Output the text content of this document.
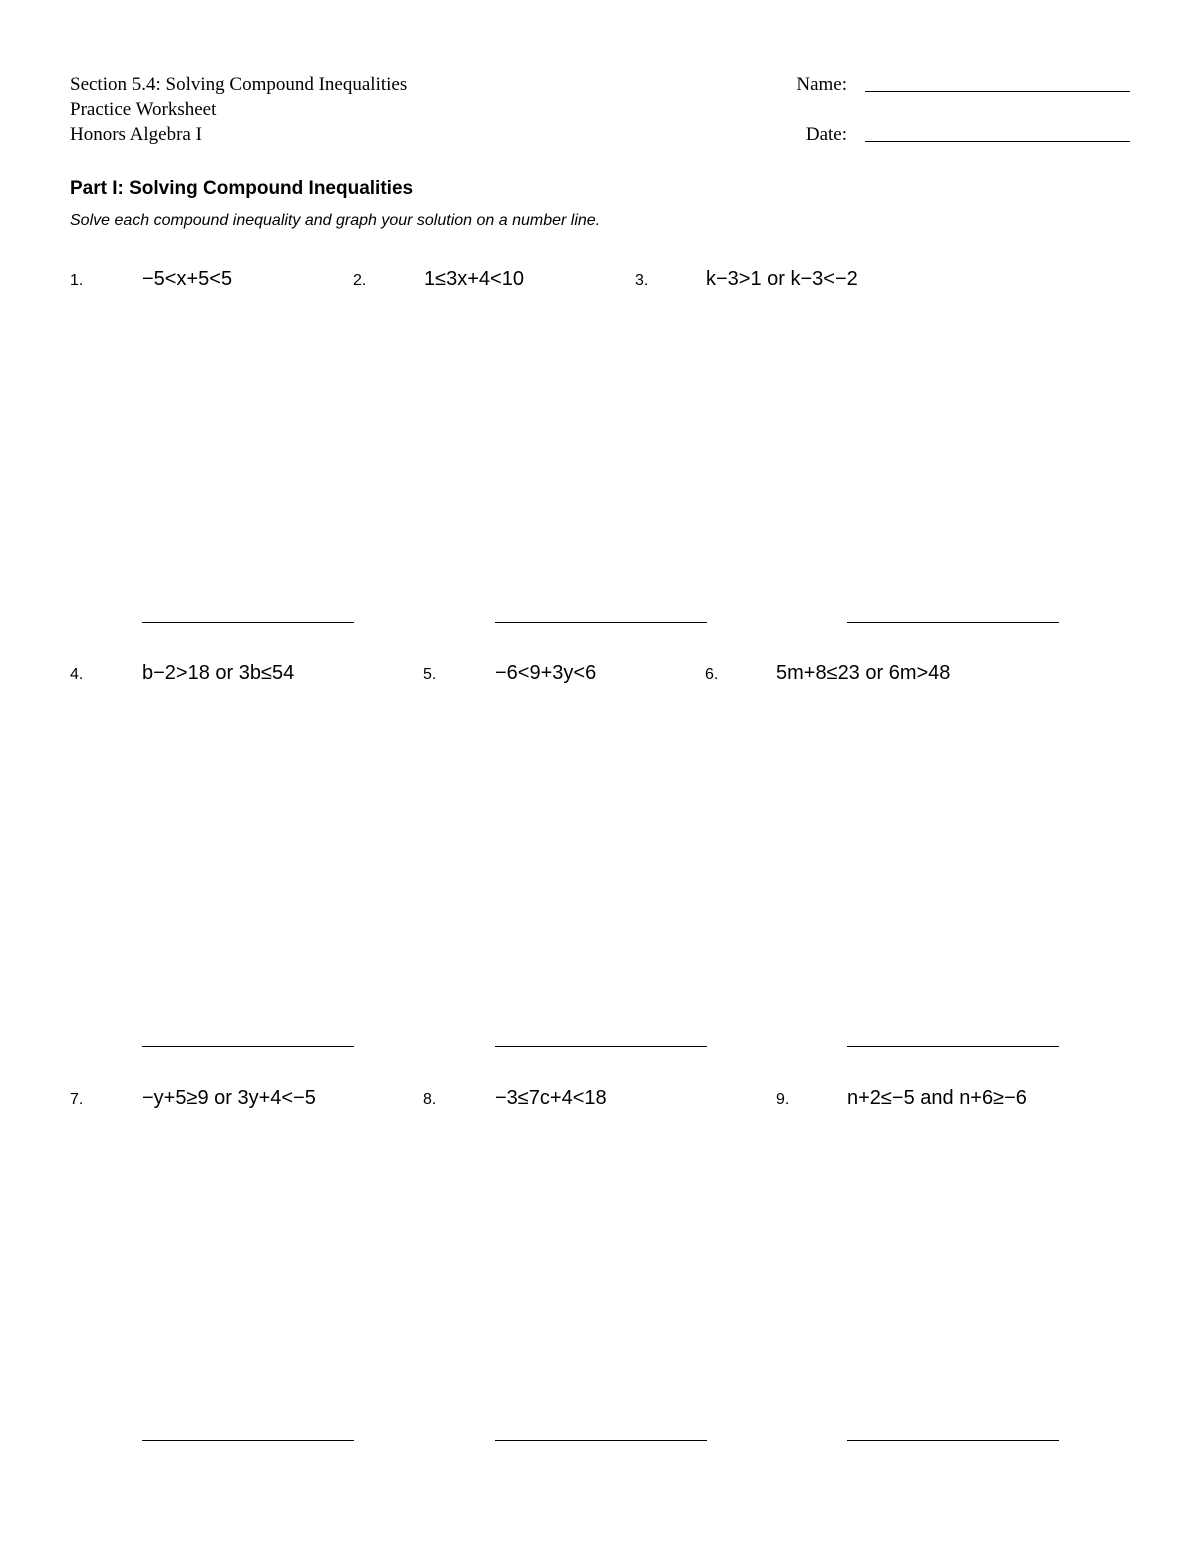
Section 5.4: Solving Compound Inequalities
Practice Worksheet
Honors Algebra I
Name:
Date:
Part I: Solving Compound Inequalities
Solve each compound inequality and graph your solution on a number line.
1.	−5<x+5<5	2.	1≤3x+4<10	3.	k−3>1 or k−3<−2
4.	b−2>18 or 3b≤54	5.	−6<9+3y<6	6.	5m+8≤23 or 6m>48
7.	−y+5≥9 or 3y+4<−5	8.	−3≤7c+4<18	9.	n+2≤−5 and n+6≥−6
